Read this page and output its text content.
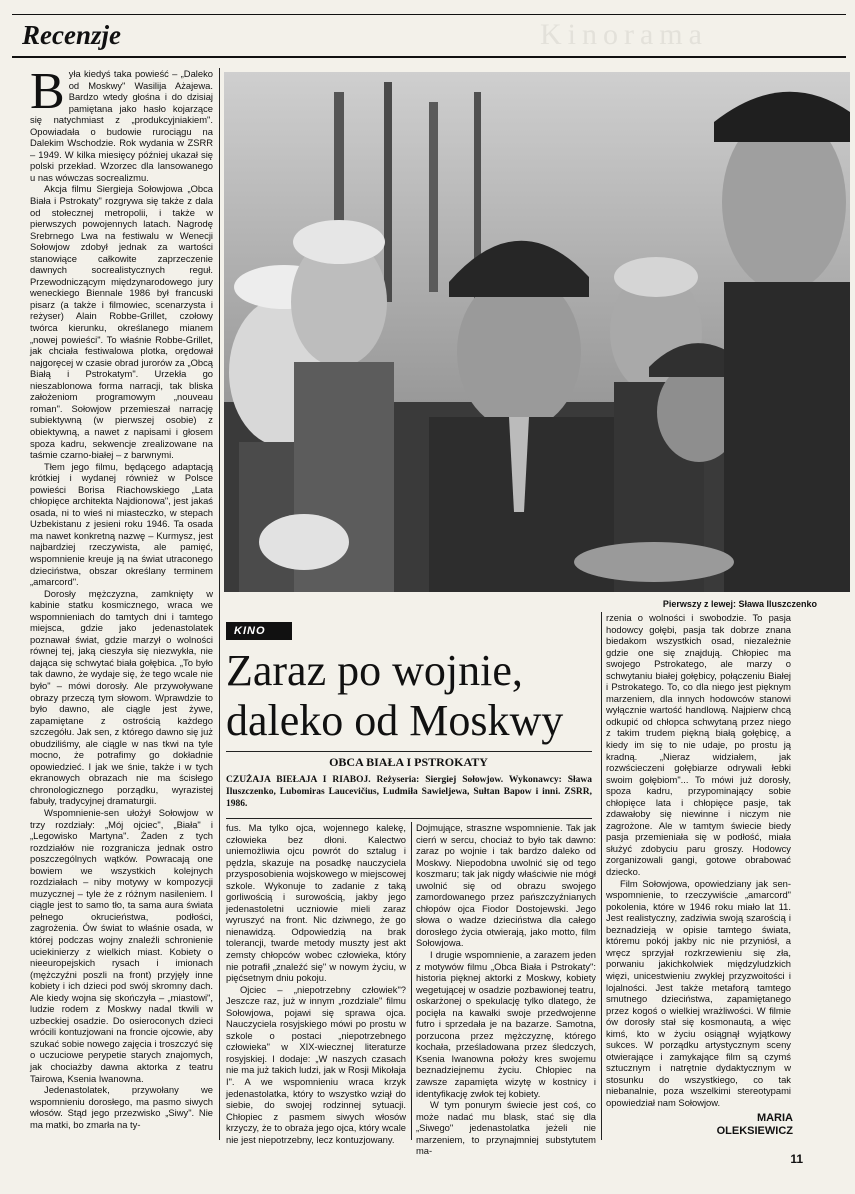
Recenzje	Kinorama
B yła kiedyś taka powieść – „Daleko od Moskwy" Wasilija Ażajewa. Bardzo wtedy głośna i do dzisiaj pamiętana jako hasło kojarzące się natychmiast z „produkcyjniakiem". Opowiadała o budowie rurociągu na Dalekim Wschodzie. Rok wydania w ZSRR – 1949. W kilka miesięcy później ukazał się polski przekład. Wzorzec dla lansowanego u nas wówczas socrealizmu.

Akcja filmu Siergieja Sołowjowa „Obca Biała i Pstrokaty" rozgrywa się także z dala od stołecznej metropolii, i także w pierwszych powojennych latach. Nagrodę Srebrnego Lwa na festiwalu w Wenecji Sołowjow zdobył jednak za wartości stanowiące całkowite zaprzeczenie dawnych socrealistycznych reguł. Przewodniczącym międzynarodowego jury weneckiego Biennale 1986 był francuski pisarz (a także i filmowiec, scenarzysta i reżyser) Alain Robbe-Grillet, czołowy twórca kierunku, określanego mianem „nowej powieści". To właśnie Robbe-Grillet, jak chciała festiwalowa plotka, orędował najgoręcej w czasie obrad jurorów za „Obcą Białą i Pstrokatym". Urzekła go nieszablonowa forma narracji, tak bliska założeniom programowym „nouveau roman". Sołowjow przemieszał narrację subiektywną (w pierwszej osobie) z obiektywną, a nawet z napisami i głosem spoza kadru, sekwencje zrealizowane na taśmie czarno-białej – z barwnymi.

Tłem jego filmu, będącego adaptacją krótkiej i wydanej również w Polsce powieści Borisa Riachowskiego „Lata chłopięce architekta Najdionowa", jest jakaś osada, ni to wieś ni miasteczko, w stepach Uzbekistanu z jesieni roku 1946. Ta osada ma nawet konkretną nazwę – Kurmysz, jest najbardziej rzeczywista, ale pamięć, wspomnienie kreuje ją na świat utraconego dzieciństwa, obszar określany terminem „amarcord".

Dorosły mężczyzna, zamknięty w kabinie statku kosmicznego, wraca we wspomnieniach do tamtych dni i tamtego miejsca, gdzie jako jedenastolatek poznawał świat, gdzie marzył o wolności równej tej, jaką cieszyła się niezwykła, nie dająca się schwytać biała gołębica. „To było tak dawno, że wydaje się, że tego wcale nie było" – mówi dorosły. Ale przywoływane obrazy przeczą tym słowom. Wprawdzie to było dawno, ale ciągle jest żywe, zapamiętane z ostrością każdego szczegółu. Jak sen, z którego dawno się już obudziliśmy, ale ciągle w nas tkwi na tyle mocno, że potrafimy go dokładnie opowiedzieć. I jak we śnie, także i w tych ekranowych obrazach nie ma ścisłego chronologicznego porządku, wyrazistej fabuły, tradycyjnej dramaturgii.

Wspomnienie-sen ułożył Sołowjow w trzy rozdziały: „Mój ojciec", „Biała" i „Legowisko Martyna". Żaden z tych rozdziałów nie rozgranicza jednak ostro poszczególnych wątków. Powracają one bowiem we wszystkich kolejnych rozdziałach – niby motywy w kompozycji muzycznej – tyle że z różnym nasileniem. I ciągle jest to samo tło, ta sama aura świata pełnego okrucieństwa, podłości, zagrożenia. Ów świat to właśnie osada, w której podczas wojny znaleźli schronienie uciekinierzy z wielkich miast. Kobiety o nieeuropejskich rysach i imionach (mężczyźni poszli na front) przyjęły inne kobiety i ich dzieci pod swój skromny dach. Ale kiedy wojna się skończyła – „miastowi", ludzie rodem z Moskwy nadal tkwili w uzbeckiej osadzie. Do osieroconych dzieci wrócili kontuzjowani na froncie ojcowie, aby szukać sobie nowego zajęcia i troszczyć się o uczuciowe perypetie starych znajomych, jak chociażby dawna aktorka z teatru Tairowa, Ksenia Iwanowna.

Jedenastolatek, przywołany we wspomnieniu dorosłego, ma pasmo siwych włosów. Stąd jego przezwisko „Siwy". Nie ma matki, bo zmarła na ty-

Pierwszy z lewej: Sława Iluszczenko
KINO
Zaraz po wojnie, daleko od Moskwy
OBCA BIAŁA I PSTROKATY
CZUŻAJA BIEŁAJA I RIABOJ. Reżyseria: Siergiej Sołowjow. Wykonawcy: Sława Iluszczenko, Lubomiras Laucevičius, Ludmiła Sawieljewa, Sułtan Bapow i inni. ZSRR, 1986.

fus. Ma tylko ojca, wojennego kalekę, człowieka bez dłoni. Kalectwo uniemożliwia ojcu powrót do sztalug i pędzla, skazuje na posadkę nauczyciela przysposobienia wojskowego w miejscowej szkole. Wykonuje to zadanie z taką gorliwością i surowością, jakby jego jedenastoletni uczniowie mieli zaraz wyruszyć na front. Nic dziwnego, że go nienawidzą. Odpowiedzią na brak tolerancji, twarde metody muszty jest akt zemsty chłopców wobec człowieka, który nie potrafił „znaleźć się" w nowym życiu, w pięćsetnym dniu pokoju.

Ojciec – „niepotrzebny człowiek"? Jeszcze raz, już w innym „rozdziale" filmu Sołowjowa, pojawi się sprawa ojca. Nauczyciela rosyjskiego mówi po prostu w szkole o postaci „niepotrzebnego człowieka" w XIX-wiecznej literaturze rosyjskiej. I dodaje: „W naszych czasach nie ma już takich ludzi, jak w Rosji Mikołaja I". A we wspomnieniu wraca krzyk jedenastolatka, który to wszystko wziął do siebie, do swojej rodzinnej sytuacji. Chłopiec z pasmem siwych włosów krzyczy, że to obraża jego ojca, który wcale nie jest niepotrzebny, lecz kontuzjowany.

Dojmujące, straszne wspomnienie. Tak jak cierń w sercu, chociaż to było tak dawno: zaraz po wojnie i tak bardzo daleko od Moskwy. Niepodobna uwolnić się od tego koszmaru; tak jak nigdy właściwie nie mógł uwolnić się od obrazu swojego zamordowanego przez pańszczyźnianych chłopów ojca Fiodor Dostojewski. Jego słowa o wadze dzieciństwa dla całego dorosłego życia otwierają, jako motto, film Sołowjowa.

I drugie wspomnienie, a zarazem jeden z motywów filmu „Obca Biała i Pstrokaty": historia pięknej aktorki z Moskwy, kobiety wegetującej w osadzie pozbawionej teatru, oskarżonej o spekulację tylko dlatego, że pocięła na kawałki swoje przedwojenne futro i sprzedała je na bazarze. Samotna, porzucona przez mężczyznę, którego kochała, prześladowana przez śledczych, Ksenia Iwanowna położy kres swojemu beznadziejnemu życiu. Chłopiec na zawsze zapamięta wizytę w kostnicy i identyfikację zwłok tej kobiety.

W tym ponurym świecie jest coś, co może nadać mu blask, stać się dla „Siwego" jedenastolatka jeżeli nie marzeniem, to przynajmniej substytutem ma-

rzenia o wolności i swobodzie. To pasja hodowcy gołębi, pasja tak dobrze znana biedakom wszystkich osad, niezależnie gdzie one się znajdują. Chłopiec ma swojego Pstrokatego, ale marzy o schwytaniu białej gołębicy, połączeniu Białej i Pstrokatego. To, co dla niego jest pięknym marzeniem, dla innych hodowców stanowi wyłącznie wartość handlową. Najpierw chcą odkupić od chłopca schwytaną przez niego z takim trudem piękną białą gołębicę, a kiedy im się to nie udaje, po prostu ją kradną. „Nieraz widziałem, jak rozwścieczeni gołębiarze odrywali łebki swoim gołębiom"... To mówi już dorosły, spoza kadru, przypominający sobie chłopięce lata i chłopięce pasje, tak zdawałoby się niewinne i niczym nie zagrożone. Ale w tamtym świecie biedy pasja przemieniała się w podłość, miała służyć zdobyciu paru groszy. Hodowcy zorganizowali gangi, gotowe obrabować dziecko.

Film Sołowjowa, opowiedziany jak sen-wspomnienie, to rzeczywiście „amarcord" pokolenia, które w 1946 roku miało lat 11. Jest realistyczny, zadziwia swoją szarością i beznadzieją w opisie tamtego świata, któremu pokój jakby nic nie przyniósł, a wręcz sprzyjał rozkrzewieniu się zła, porwaniu jakichkolwiek międzyludzkich więzi, unicestwieniu zwykłej przyzwoitości i lojalności. Jest także metaforą tamtego smutnego dzieciństwa, zapamiętanego przez kogoś o wielkiej wrażliwości. W filmie ów dorosły stał się kosmonautą, a więc kimś, kto w życiu osiągnął wyjątkowy sukces. W porządku artystycznym sceny otwierające i zamykające film są czymś sztucznym i natrętnie dydaktycznym w stosunku do wszystkiego, co tak niebanalnie, poza wszelkimi stereotypami opowiedział nam Sołowjow.

MARIA OLEKSIEWICZ
11
